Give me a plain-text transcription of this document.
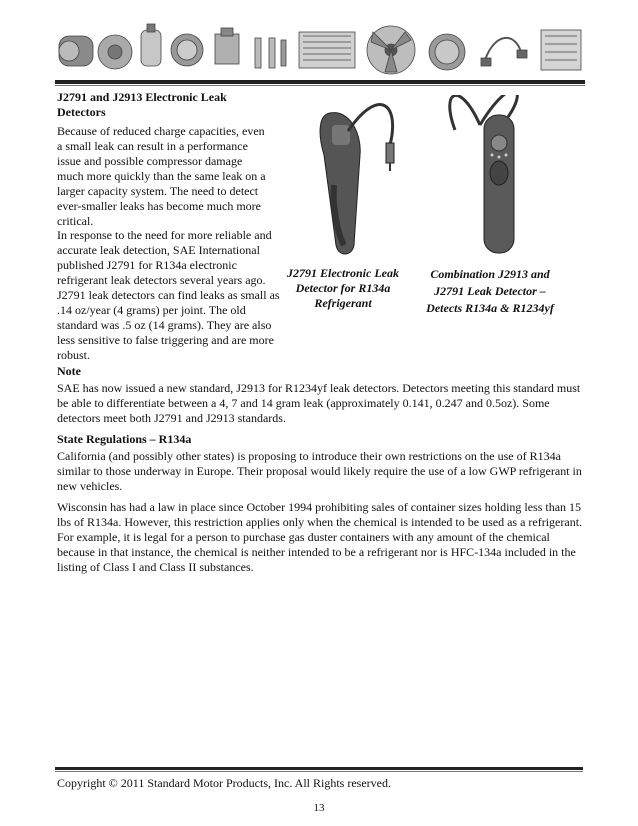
J2791 and J2913 Electronic Leak Detectors

Because of reduced charge capacities, even a small leak can result in a performance issue and possible compressor damage much more quickly than the same leak on a larger capacity system. The need to detect ever-smaller leaks has become much more critical.

In response to the need for more reliable and accurate leak detection, SAE International published J2791 for R134a electronic refrigerant leak detectors several years ago. J2791 leak detectors can find leaks as small as .14 oz/year (4 grams) per joint. The old standard was .5 oz (14 grams). They are also less sensitive to false triggering and are more robust.

J2791 Electronic Leak Detector for R134a Refrigerant
Combination J2913 and J2791 Leak Detector – Detects R134a & R1234yf
Note

SAE has now issued a new standard, J2913 for R1234yf leak detectors. Detectors meeting this standard must be able to differentiate between a 4, 7 and 14 gram leak (approximately 0.141, 0.247 and 0.5oz). Some detectors meet both J2791 and J2913 standards.

State Regulations – R134a

California (and possibly other states) is proposing to introduce their own restrictions on the use of R134a similar to those underway in Europe. Their proposal would likely require the use of a low GWP refrigerant in new vehicles.

Wisconsin has had a law in place since October 1994 prohibiting sales of container sizes holding less than 15 lbs of R134a. However, this restriction applies only when the chemical is intended to be used as a refrigerant. For example, it is legal for a person to purchase gas duster containers with any amount of the chemical because in that instance, the chemical is neither intended to be a refrigerant nor is HFC-134a included in the listing of Class I and Class II substances.

Copyright © 2011 Standard Motor Products, Inc. All Rights reserved.
13
